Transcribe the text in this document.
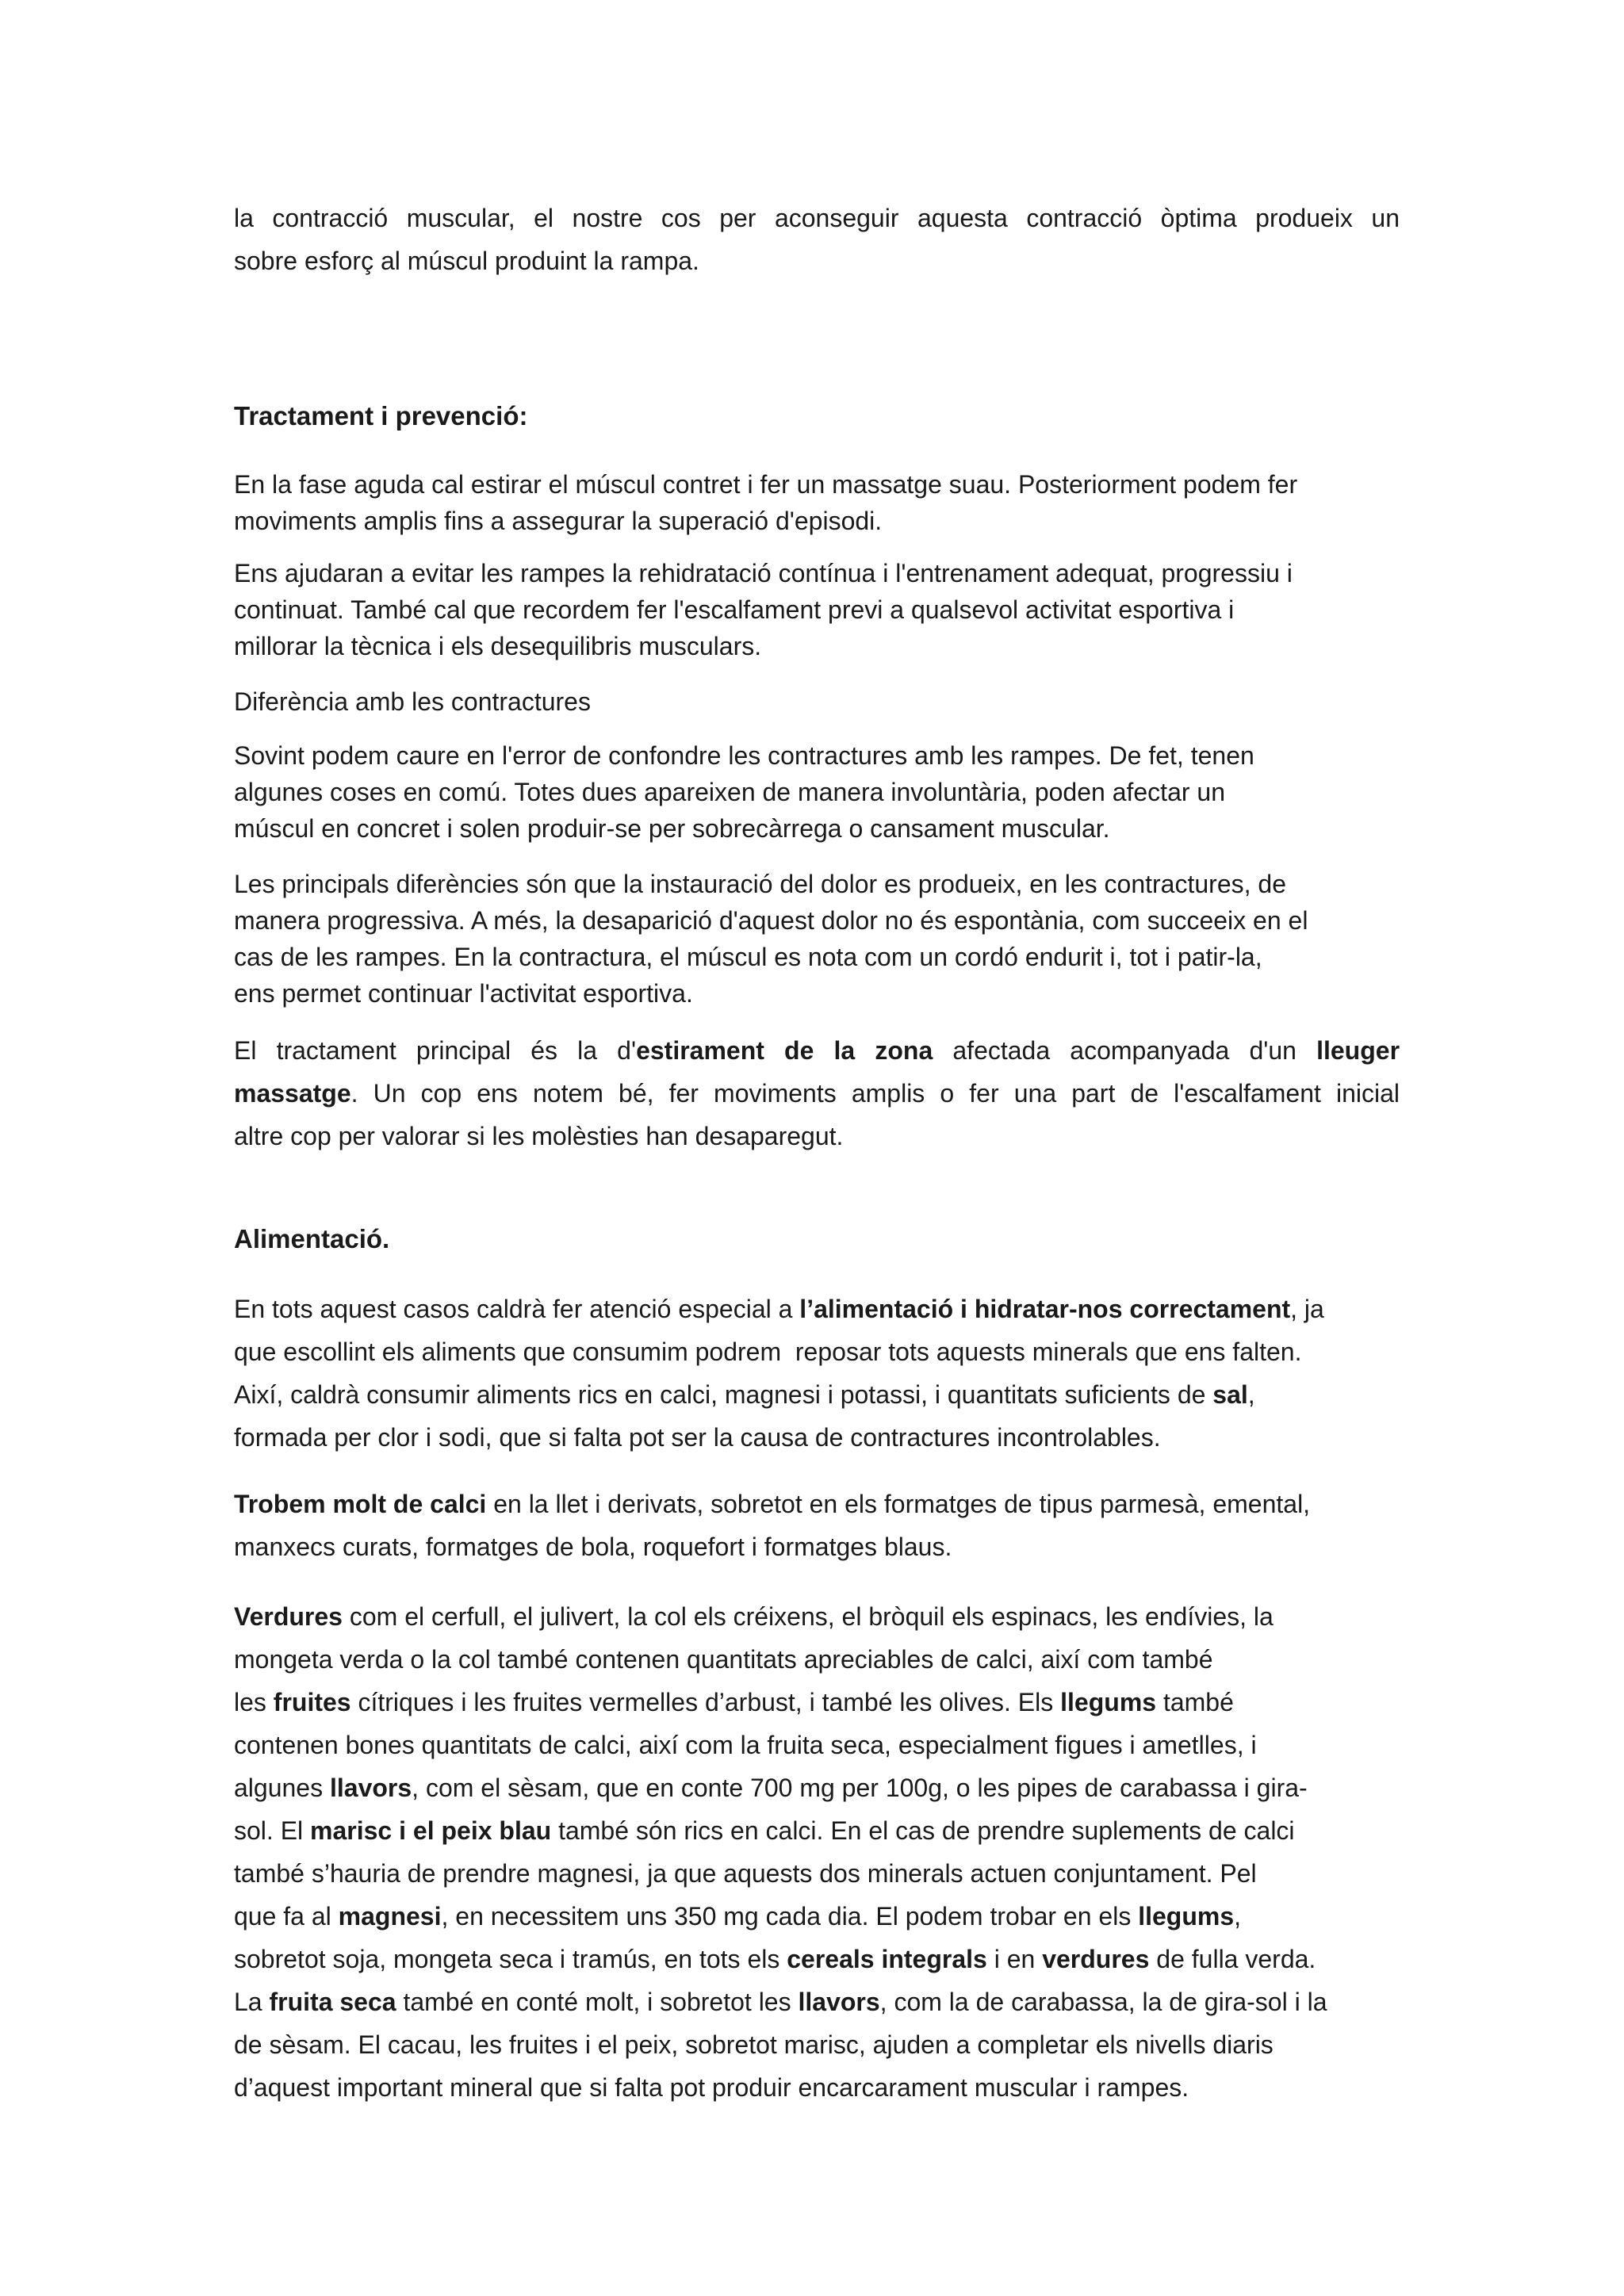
la contracció muscular, el nostre cos per aconseguir aquesta contracció òptima produeix un
sobre esforç al múscul produint la rampa.
Tractament i prevenció:
En la fase aguda cal estirar el múscul contret i fer un massatge suau. Posteriorment podem fer
moviments amplis fins a assegurar la superació d'episodi.
Ens ajudaran a evitar les rampes la rehidratació contínua i l'entrenament adequat, progressiu i
continuat. També cal que recordem fer l'escalfament previ a qualsevol activitat esportiva i
millorar la tècnica i els desequilibris musculars.
Diferència amb les contractures
Sovint podem caure en l'error de confondre les contractures amb les rampes. De fet, tenen
algunes coses en comú. Totes dues apareixen de manera involuntària, poden afectar un
múscul en concret i solen produir-se per sobrecàrrega o cansament muscular.
Les principals diferències són que la instauració del dolor es produeix, en les contractures, de
manera progressiva. A més, la desaparició d'aquest dolor no és espontània, com succeeix en el
cas de les rampes. En la contractura, el múscul es nota com un cordó endurit i, tot i patir-la,
ens permet continuar l'activitat esportiva.
El tractament principal és la d'estirament de la zona afectada acompanyada d'un lleuger
massatge. Un cop ens notem bé, fer moviments amplis o fer una part de l'escalfament inicial
altre cop per valorar si les molèsties han desaparegut.
Alimentació.
En tots aquest casos caldrà fer atenció especial a l’alimentació i hidratar-nos correctament, ja
que escollint els aliments que consumim podrem  reposar tots aquests minerals que ens falten.
Així, caldrà consumir aliments rics en calci, magnesi i potassi, i quantitats suficients de sal,
formada per clor i sodi, que si falta pot ser la causa de contractures incontrolables.
Trobem molt de calci en la llet i derivats, sobretot en els formatges de tipus parmesà, emental,
manxecs curats, formatges de bola, roquefort i formatges blaus.
Verdures com el cerfull, el julivert, la col els créixens, el bròquil els espinacs, les endívies, la
mongeta verda o la col també contenen quantitats apreciables de calci, així com també
les fruites cítriques i les fruites vermelles d’arbust, i també les olives. Els llegums també
contenen bones quantitats de calci, així com la fruita seca, especialment figues i ametlles, i
algunes llavors, com el sèsam, que en conte 700 mg per 100g, o les pipes de carabassa i gira-
sol. El marisc i el peix blau també són rics en calci. En el cas de prendre suplements de calci
també s’hauria de prendre magnesi, ja que aquests dos minerals actuen conjuntament. Pel
que fa al magnesi, en necessitem uns 350 mg cada dia. El podem trobar en els llegums,
sobretot soja, mongeta seca i tramús, en tots els cereals integrals i en verdures de fulla verda.
La fruita seca també en conté molt, i sobretot les llavors, com la de carabassa, la de gira-sol i la
de sèsam. El cacau, les fruites i el peix, sobretot marisc, ajuden a completar els nivells diaris
d’aquest important mineral que si falta pot produir encarcarament muscular i rampes.
